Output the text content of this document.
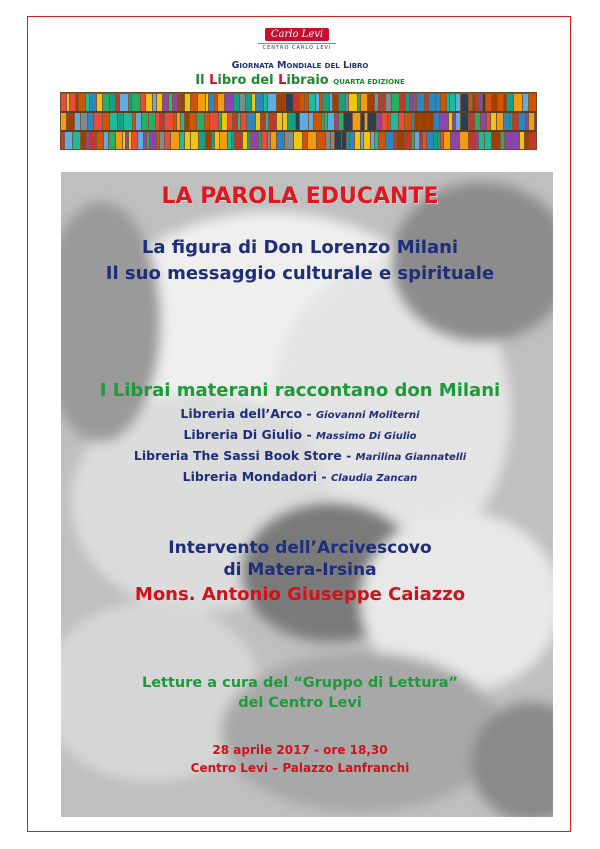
Carlo Levi
CENTRO CARLO LEVI
Giornata Mondiale del Libro
Il Libro del Libraio QUARTA EDIZIONE
LA PAROLA EDUCANTE
La figura di Don Lorenzo Milani
Il suo messaggio culturale e spirituale
I Librai materani raccontano don Milani
Libreria dell’Arco - Giovanni Moliterni
Libreria Di Giulio - Massimo Di Giulio
Libreria The Sassi Book Store - Marilina Giannatelli
Libreria Mondadori - Claudia Zancan
Intervento dell’Arcivescovo
di Matera-Irsina
Mons. Antonio Giuseppe Caiazzo
Letture a cura del “Gruppo di Lettura”
del Centro Levi
28 aprile 2017 - ore 18,30
Centro Levi – Palazzo Lanfranchi
